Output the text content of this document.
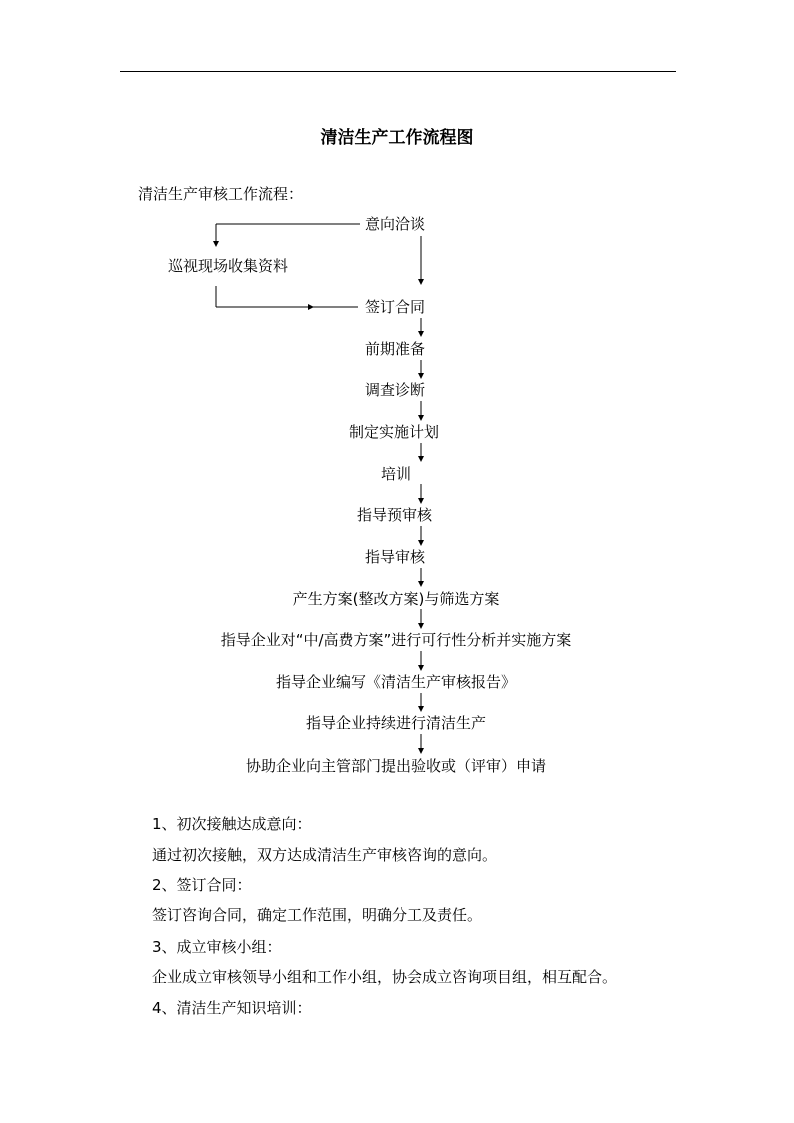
清洁生产工作流程图
清洁生产审核工作流程：
意向洽谈
巡视现场收集资料
签订合同
前期准备
调查诊断
制定实施计划
培训
指导预审核
指导审核
产生方案(整改方案)与筛选方案
指导企业对“中/高费方案”进行可行性分析并实施方案
指导企业编写《清洁生产审核报告》
指导企业持续进行清洁生产
协助企业向主管部门提出验收或（评审）申请
1、初次接触达成意向：
通过初次接触，双方达成清洁生产审核咨询的意向。
2、签订合同：
签订咨询合同，确定工作范围，明确分工及责任。
3、成立审核小组：
企业成立审核领导小组和工作小组，协会成立咨询项目组，相互配合。
4、清洁生产知识培训：
